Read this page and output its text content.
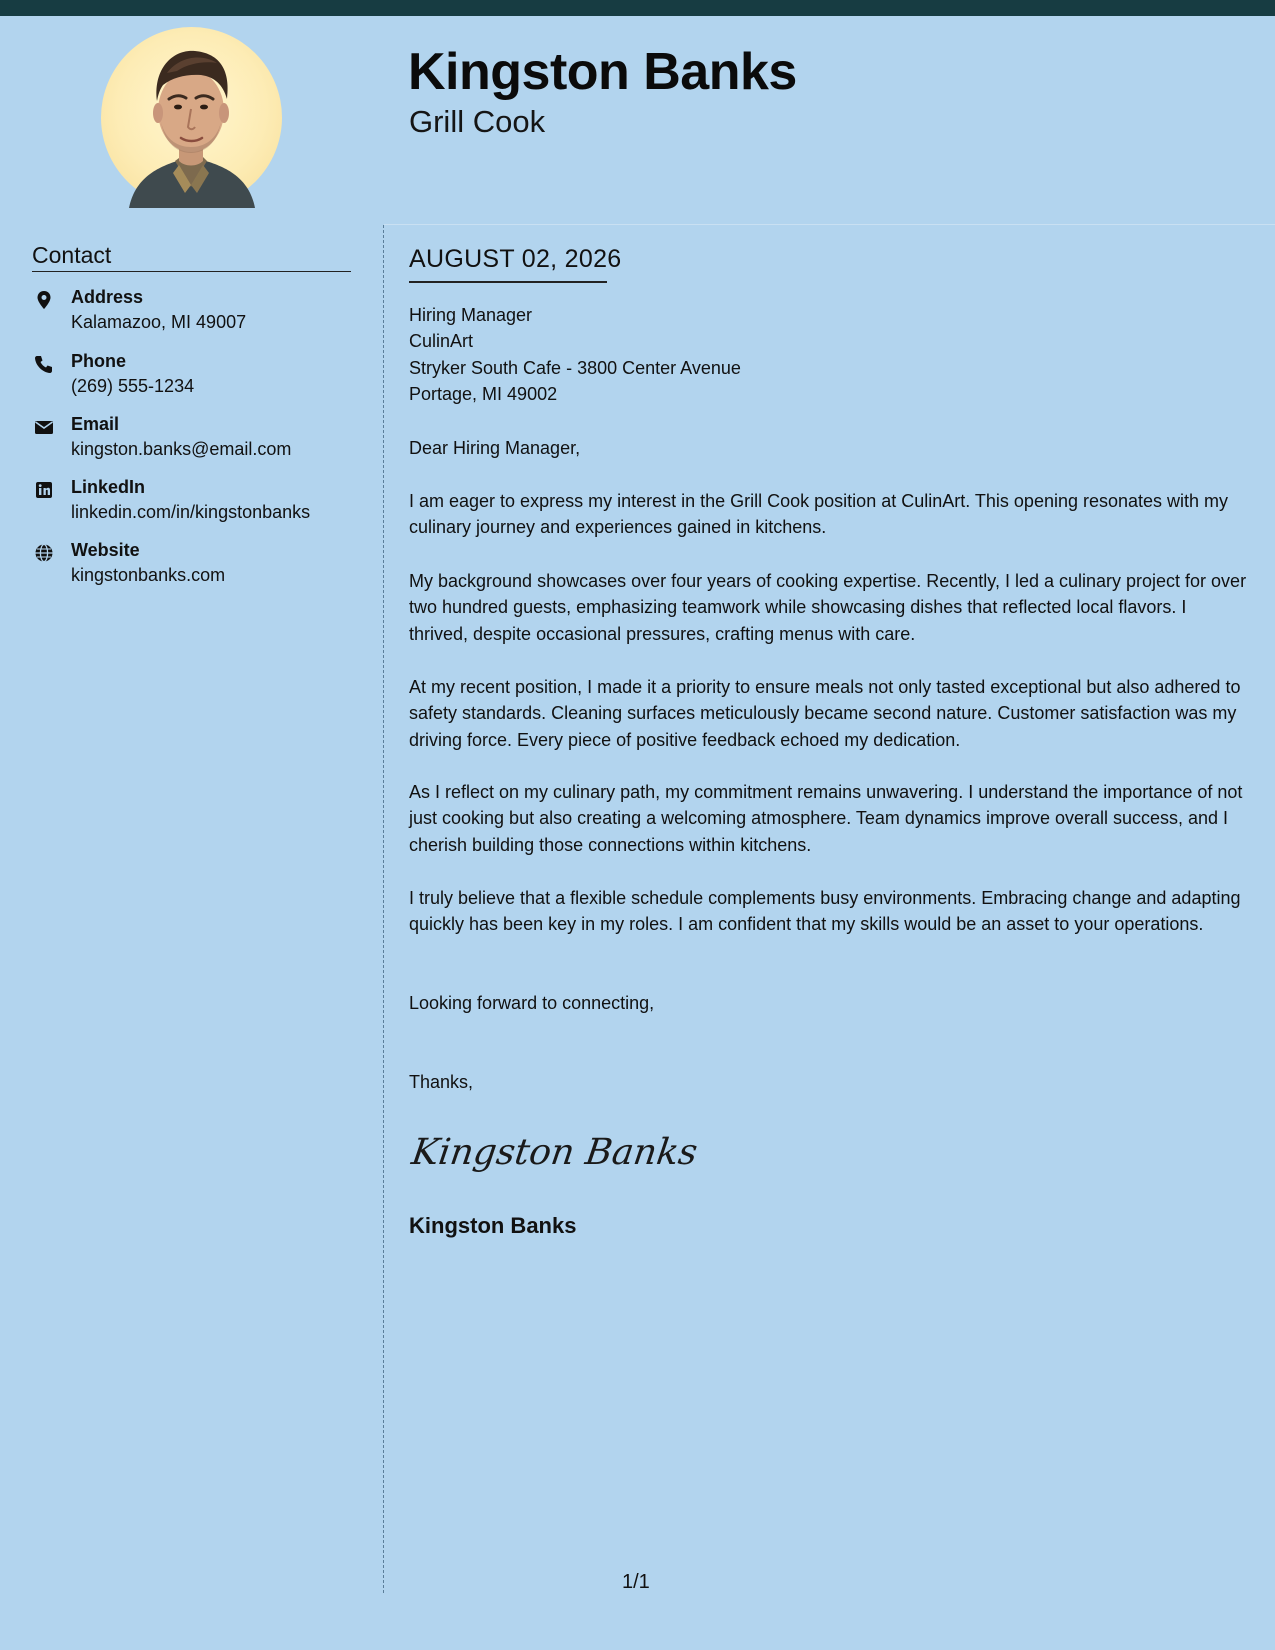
Kingston Banks
Grill Cook
Contact
Address
Kalamazoo, MI 49007
Phone
(269) 555-1234
Email
kingston.banks@email.com
LinkedIn
linkedin.com/in/kingstonbanks
Website
kingstonbanks.com
AUGUST 02, 2026
Hiring Manager
CulinArt
Stryker South Cafe - 3800 Center Avenue
Portage, MI 49002
Dear Hiring Manager,
I am eager to express my interest in the Grill Cook position at CulinArt. This opening resonates with my culinary journey and experiences gained in kitchens.
My background showcases over four years of cooking expertise. Recently, I led a culinary project for over two hundred guests, emphasizing teamwork while showcasing dishes that reflected local flavors. I thrived, despite occasional pressures, crafting menus with care.
At my recent position, I made it a priority to ensure meals not only tasted exceptional but also adhered to safety standards. Cleaning surfaces meticulously became second nature. Customer satisfaction was my driving force. Every piece of positive feedback echoed my dedication.
As I reflect on my culinary path, my commitment remains unwavering. I understand the importance of not just cooking but also creating a welcoming atmosphere. Team dynamics improve overall success, and I cherish building those connections within kitchens.
I truly believe that a flexible schedule complements busy environments. Embracing change and adapting quickly has been key in my roles. I am confident that my skills would be an asset to your operations.
Looking forward to connecting,
Thanks,
Kingston Banks
Kingston Banks
1/1
